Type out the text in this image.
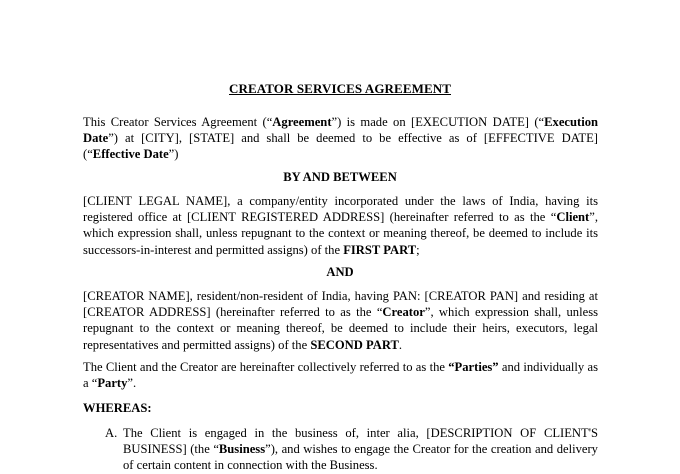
CREATOR SERVICES AGREEMENT

This Creator Services Agreement (“Agreement”) is made on [EXECUTION DATE] (“Execution Date”) at [CITY], [STATE] and shall be deemed to be effective as of [EFFECTIVE DATE] (“Effective Date”)

BY AND BETWEEN

[CLIENT LEGAL NAME], a company/entity incorporated under the laws of India, having its registered office at [CLIENT REGISTERED ADDRESS] (hereinafter referred to as the “Client”, which expression shall, unless repugnant to the context or meaning thereof, be deemed to include its successors-in-interest and permitted assigns) of the FIRST PART;

AND

[CREATOR NAME], resident/non-resident of India, having PAN: [CREATOR PAN] and residing at [CREATOR ADDRESS] (hereinafter referred to as the “Creator”, which expression shall, unless repugnant to the context or meaning thereof, be deemed to include their heirs, executors, legal representatives and permitted assigns) of the SECOND PART.

The Client and the Creator are hereinafter collectively referred to as the “Parties” and individually as a “Party”.

WHEREAS:
A. The Client is engaged in the business of, inter alia, [DESCRIPTION OF CLIENT'S BUSINESS] (the “Business”), and wishes to engage the Creator for the creation and delivery of certain content in connection with the Business.
